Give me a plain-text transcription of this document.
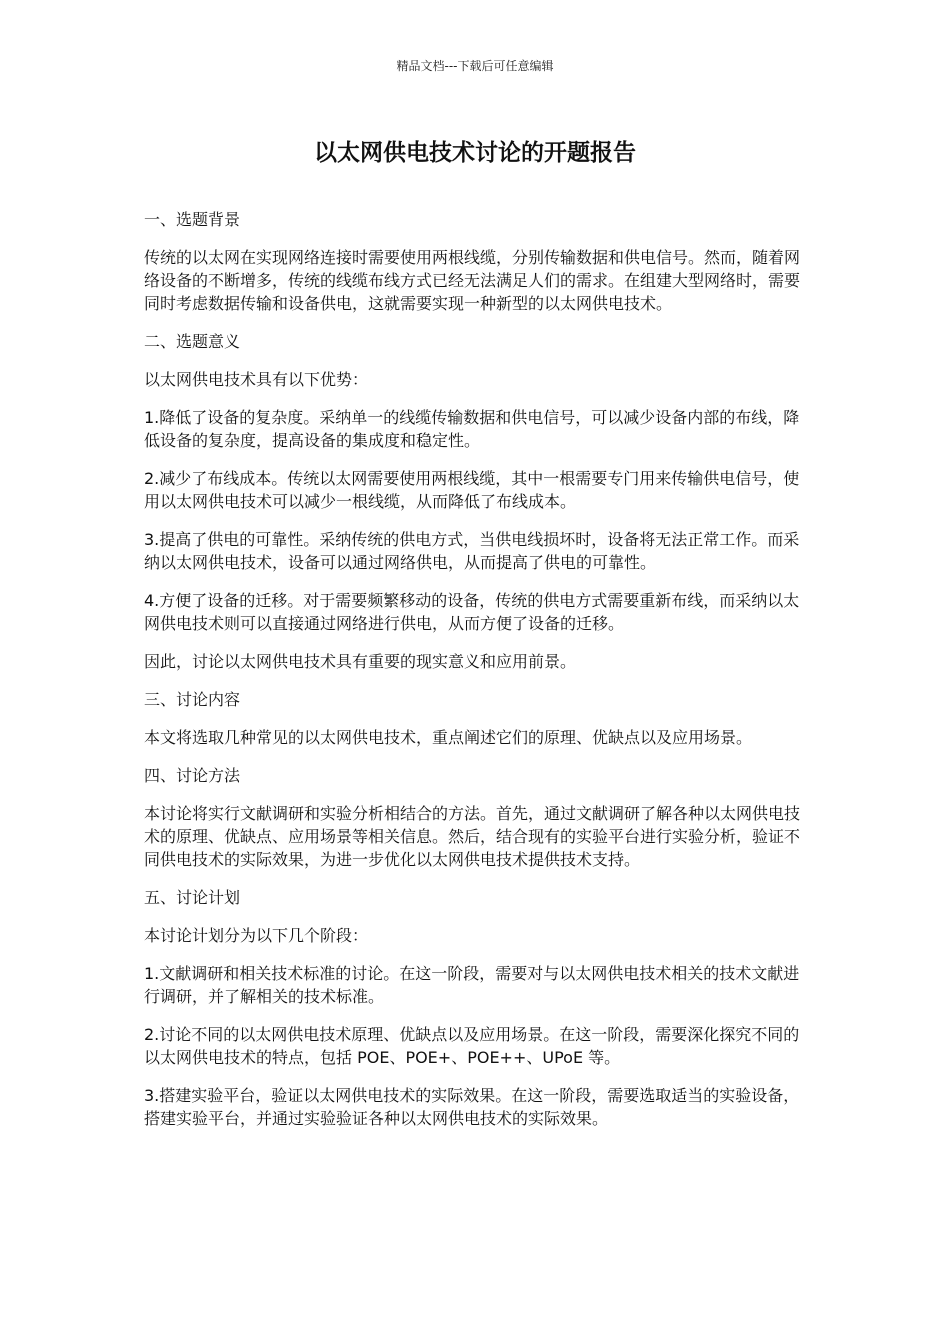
精品文档---下载后可任意编辑
以太网供电技术讨论的开题报告
一、选题背景

传统的以太网在实现网络连接时需要使用两根线缆，分别传输数据和供电信号。然而，随着网络设备的不断增多，传统的线缆布线方式已经无法满足人们的需求。在组建大型网络时，需要同时考虑数据传输和设备供电，这就需要实现一种新型的以太网供电技术。

二、选题意义

以太网供电技术具有以下优势：

1.降低了设备的复杂度。采纳单一的线缆传输数据和供电信号，可以减少设备内部的布线，降低设备的复杂度，提高设备的集成度和稳定性。

2.减少了布线成本。传统以太网需要使用两根线缆，其中一根需要专门用来传输供电信号，使用以太网供电技术可以减少一根线缆，从而降低了布线成本。

3.提高了供电的可靠性。采纳传统的供电方式，当供电线损坏时，设备将无法正常工作。而采纳以太网供电技术，设备可以通过网络供电，从而提高了供电的可靠性。

4.方便了设备的迁移。对于需要频繁移动的设备，传统的供电方式需要重新布线，而采纳以太网供电技术则可以直接通过网络进行供电，从而方便了设备的迁移。

因此，讨论以太网供电技术具有重要的现实意义和应用前景。

三、讨论内容

本文将选取几种常见的以太网供电技术，重点阐述它们的原理、优缺点以及应用场景。

四、讨论方法

本讨论将实行文献调研和实验分析相结合的方法。首先，通过文献调研了解各种以太网供电技术的原理、优缺点、应用场景等相关信息。然后，结合现有的实验平台进行实验分析，验证不同供电技术的实际效果，为进一步优化以太网供电技术提供技术支持。

五、讨论计划

本讨论计划分为以下几个阶段：

1.文献调研和相关技术标准的讨论。在这一阶段，需要对与以太网供电技术相关的技术文献进行调研，并了解相关的技术标准。

2.讨论不同的以太网供电技术原理、优缺点以及应用场景。在这一阶段，需要深化探究不同的以太网供电技术的特点，包括 POE、POE+、POE++、UPoE 等。

3.搭建实验平台，验证以太网供电技术的实际效果。在这一阶段，需要选取适当的实验设备，搭建实验平台，并通过实验验证各种以太网供电技术的实际效果。
